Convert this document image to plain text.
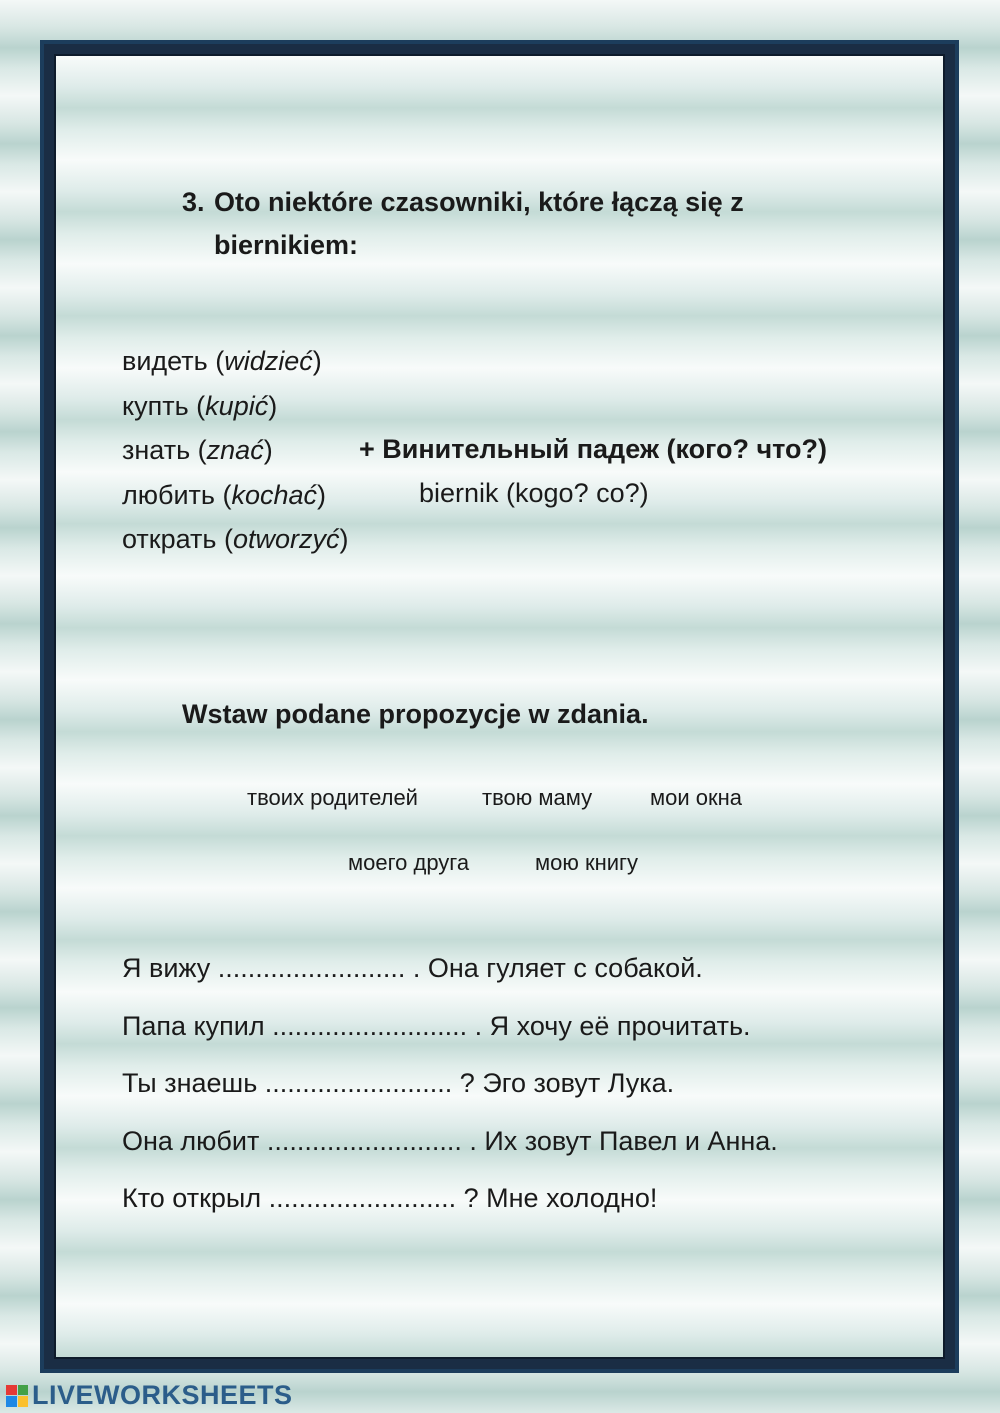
3. Oto niektóre czasowniki, które łączą się z
biernikiem:
видеть (widzieć)
купть (kupić)
знать (znać)
любить (kochać)
открать (otworzyć)
+ Винительный падеж (кого? что?)
biernik (kogo? co?)
Wstaw podane propozycje w zdania.
твоих родителей	твою маму	мои окна
моего друга	мою книгу
Я вижу ......................... . Она гуляет с собакой.
Папа купил .......................... . Я хочу её прочитать.
Ты знаешь ......................... ? Эго зовут Лука.
Она любит .......................... . Их зовут Павел и Анна.
Кто открыл ......................... ? Мне холодно!
LIVEWORKSHEETS
